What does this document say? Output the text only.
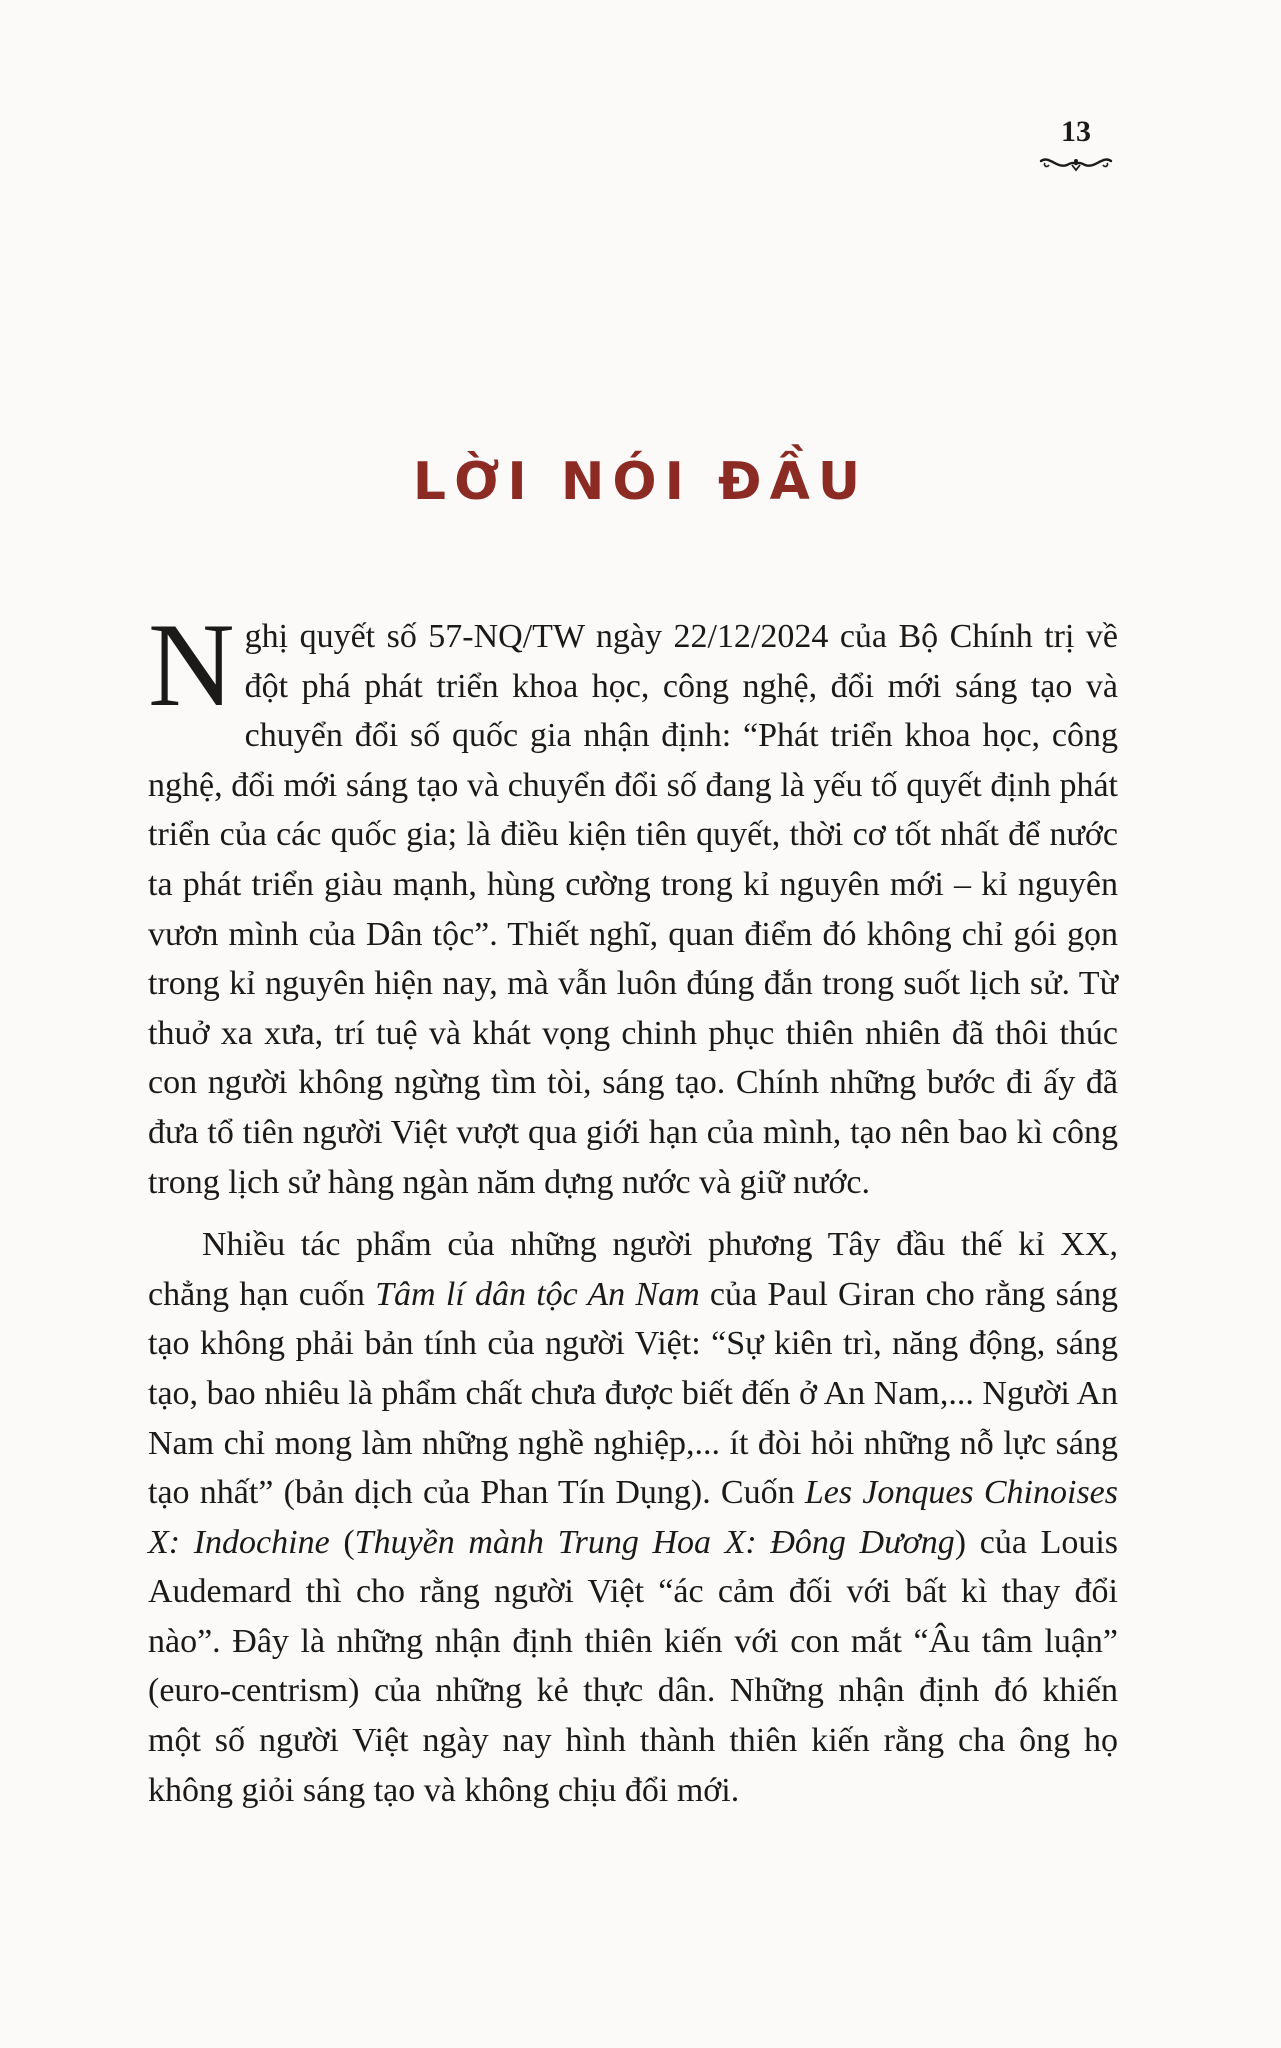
13
LỜI NÓI ĐẦU

Nghị quyết số 57-NQ/TW ngày 22/12/2024 của Bộ Chính trị về đột phá phát triển khoa học, công nghệ, đổi mới sáng tạo và chuyển đổi số quốc gia nhận định: “Phát triển khoa học, công nghệ, đổi mới sáng tạo và chuyển đổi số đang là yếu tố quyết định phát triển của các quốc gia; là điều kiện tiên quyết, thời cơ tốt nhất để nước ta phát triển giàu mạnh, hùng cường trong kỉ nguyên mới – kỉ nguyên vươn mình của Dân tộc”. Thiết nghĩ, quan điểm đó không chỉ gói gọn trong kỉ nguyên hiện nay, mà vẫn luôn đúng đắn trong suốt lịch sử. Từ thuở xa xưa, trí tuệ và khát vọng chinh phục thiên nhiên đã thôi thúc con người không ngừng tìm tòi, sáng tạo. Chính những bước đi ấy đã đưa tổ tiên người Việt vượt qua giới hạn của mình, tạo nên bao kì công trong lịch sử hàng ngàn năm dựng nước và giữ nước.

Nhiều tác phẩm của những người phương Tây đầu thế kỉ XX, chẳng hạn cuốn Tâm lí dân tộc An Nam của Paul Giran cho rằng sáng tạo không phải bản tính của người Việt: “Sự kiên trì, năng động, sáng tạo, bao nhiêu là phẩm chất chưa được biết đến ở An Nam,... Người An Nam chỉ mong làm những nghề nghiệp,... ít đòi hỏi những nỗ lực sáng tạo nhất” (bản dịch của Phan Tín Dụng). Cuốn Les Jonques Chinoises X: Indochine (Thuyền mành Trung Hoa X: Đông Dương) của Louis Audemard thì cho rằng người Việt “ác cảm đối với bất kì thay đổi nào”. Đây là những nhận định thiên kiến với con mắt “Âu tâm luận” (euro-centrism) của những kẻ thực dân. Những nhận định đó khiến một số người Việt ngày nay hình thành thiên kiến rằng cha ông họ không giỏi sáng tạo và không chịu đổi mới.
